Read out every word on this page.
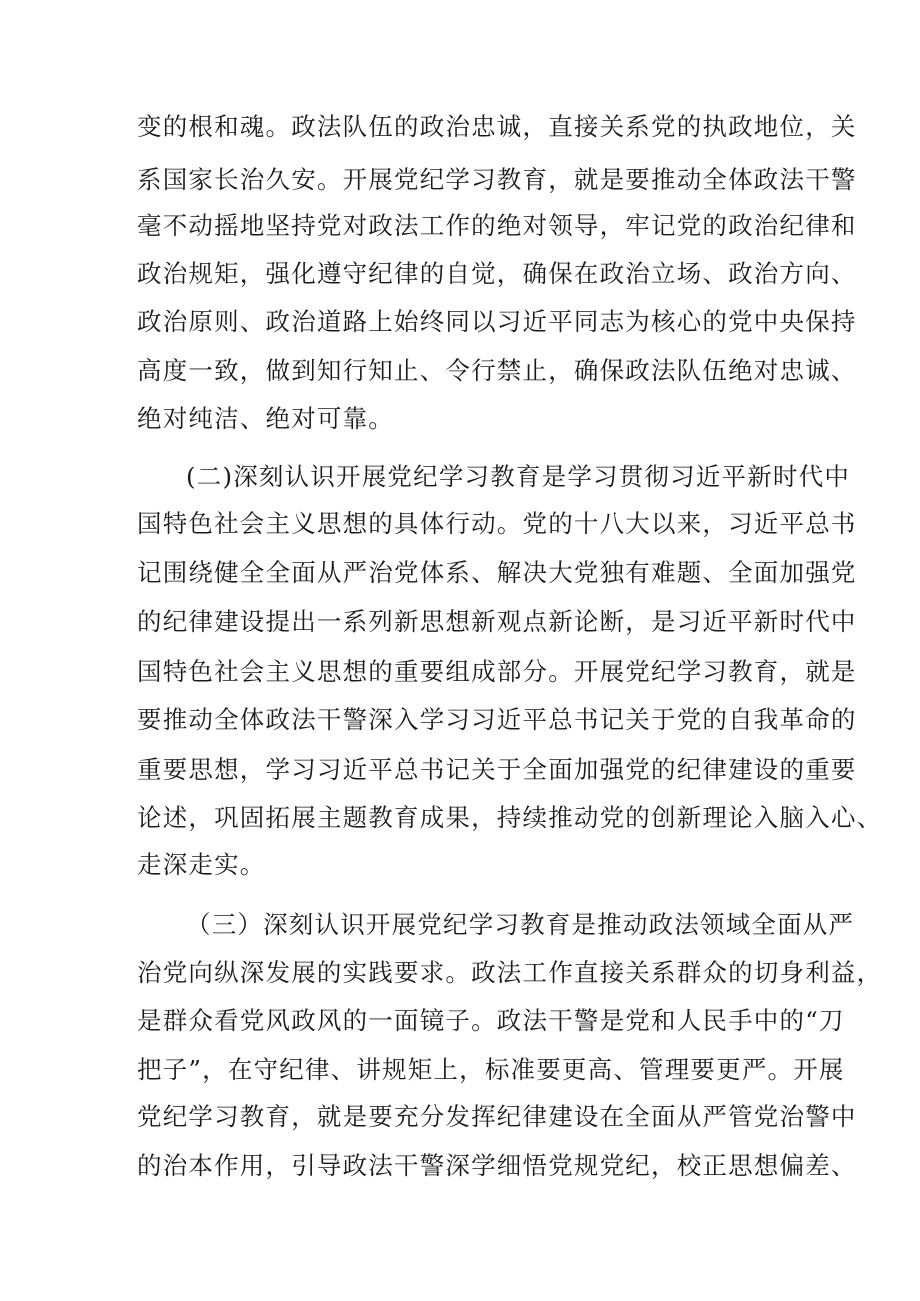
变的根和魂。政法队伍的政治忠诚，直接关系党的执政地位，关
系国家长治久安。开展党纪学习教育，就是要推动全体政法干警
毫不动摇地坚持党对政法工作的绝对领导，牢记党的政治纪律和
政治规矩，强化遵守纪律的自觉，确保在政治立场、政治方向、
政治原则、政治道路上始终同以习近平同志为核心的党中央保持
高度一致，做到知行知止、令行禁止，确保政法队伍绝对忠诚、
绝对纯洁、绝对可靠。
(二)深刻认识开展党纪学习教育是学习贯彻习近平新时代中
国特色社会主义思想的具体行动。党的十八大以来，习近平总书
记围绕健全全面从严治党体系、解决大党独有难题、全面加强党
的纪律建设提出一系列新思想新观点新论断，是习近平新时代中
国特色社会主义思想的重要组成部分。开展党纪学习教育，就是
要推动全体政法干警深入学习习近平总书记关于党的自我革命的
重要思想，学习习近平总书记关于全面加强党的纪律建设的重要
论述，巩固拓展主题教育成果，持续推动党的创新理论入脑入心、
走深走实。
（三）深刻认识开展党纪学习教育是推动政法领域全面从严
治党向纵深发展的实践要求。政法工作直接关系群众的切身利益，
是群众看党风政风的一面镜子。政法干警是党和人民手中的“刀
把子”，在守纪律、讲规矩上，标准要更高、管理要更严。开展
党纪学习教育，就是要充分发挥纪律建设在全面从严管党治警中
的治本作用，引导政法干警深学细悟党规党纪，校正思想偏差、
